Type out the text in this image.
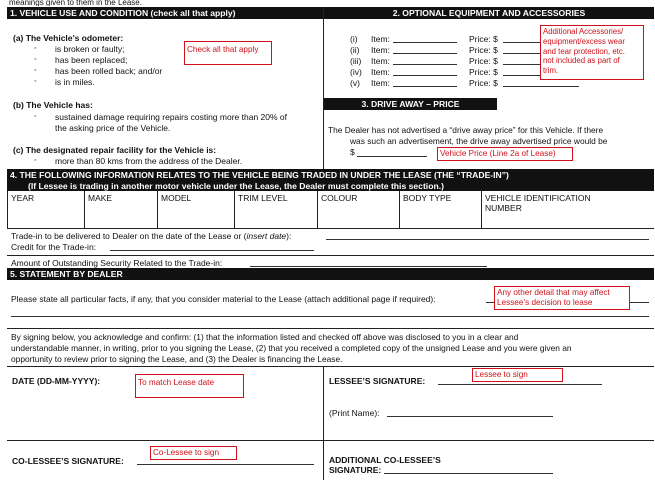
meanings given to them in the Lease.
1. VEHICLE USE AND CONDITION (check all that apply)
(a) The Vehicle’s odometer:
◦ is broken or faulty;
◦ has been replaced;
◦ has been rolled back; and/or
◦ is in miles.
Check all that apply
(b) The Vehicle has:
◦ sustained damage requiring repairs costing more than 20% of
the asking price of the Vehicle.
(c) The designated repair facility for the Vehicle is:
◦ more than 80 kms from the address of the Dealer.
2. OPTIONAL EQUIPMENT AND ACCESSORIES
(i) Item:	Price: $
(ii) Item:	Price: $
(iii) Item:	Price: $
(iv) Item:	Price: $
(v) Item:	Price: $
Additional Accessories/
equipment/excess wear
and tear protection, etc.
not included as part of
trim.
3. DRIVE AWAY – PRICE
The Dealer has not advertised a “drive away price” for this Vehicle. If there
was such an advertisement, the drive away advertised price would be
$	Vehicle Price (Line 2a of Lease)
4. THE FOLLOWING INFORMATION RELATES TO THE VEHICLE BEING TRADED IN UNDER THE LEASE (THE “TRADE-IN”)
(If Lessee is trading in another motor vehicle under the Lease, the Dealer must complete this section.)
YEAR	MAKE	MODEL	TRIM LEVEL	COLOUR	BODY TYPE	VEHICLE IDENTIFICATION NUMBER
Trade-in to be delivered to Dealer on the date of the Lease or (insert date):
Credit for the Trade-in:
Amount of Outstanding Security Related to the Trade-in:
5. STATEMENT BY DEALER
Please state all particular facts, if any, that you consider material to the Lease (attach additional page if required):
Any other detail that may affect
Lessee’s decision to lease
By signing below, you acknowledge and confirm: (1) that the information listed and checked off above was disclosed to you in a clear and
understandable manner, in writing, prior to you signing the Lease, (2) that you received a completed copy of the unsigned Lease and you were given an
opportunity to review prior to signing the Lease, and (3) the Dealer is financing the Lease.
DATE (DD-MM-YYYY):	To match Lease date	LESSEE’S SIGNATURE:
Lessee to sign
(Print Name):
CO-LESSEE’S SIGNATURE:
Co-Lessee to sign
ADDITIONAL CO-LESSEE’S
SIGNATURE:
